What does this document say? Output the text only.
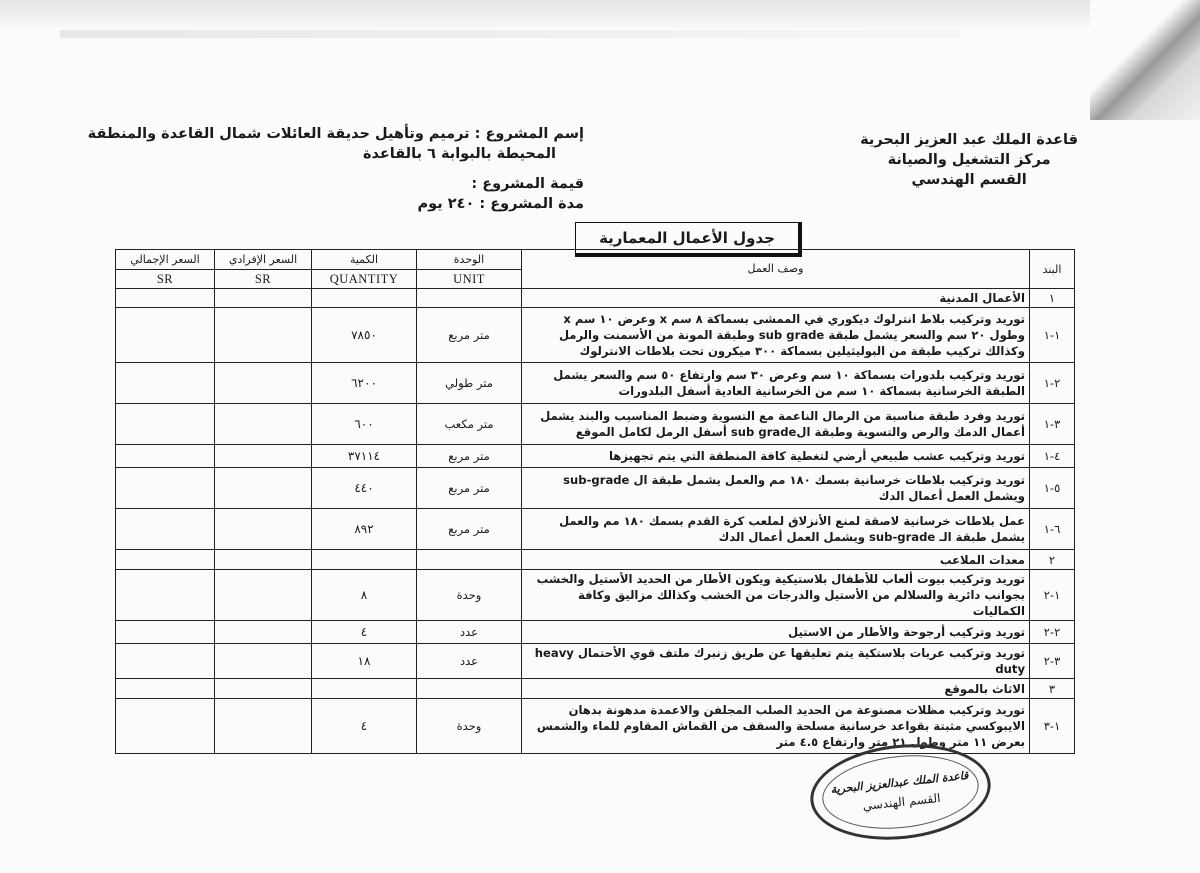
قاعدة الملك عبد العزيز البحرية
مركز التشغيل والصيانة
القسم الهندسي
إسم المشروع : ترميم وتأهيل حديقة العائلات شمال القاعدة والمنطقة
المحيطة بالبوابة ٦ بالقاعدة
قيمة المشروع :
مدة المشروع : ٢٤٠ يوم
جدول الأعمال المعمارية
البند	وصف العمل	الوحدة	الكمية	السعر الإفرادي	السعر الإجمالي
		UNIT	QUANTITY	SR	SR
١	الأعمال المدنية				
١-١	توريد وتركيب بلاط انترلوك ديكوري في الممشى بسماكة ٨ سم x وعرض ١٠ سم x وطول ٢٠ سم والسعر يشمل طبقة sub grade وطبقة المونة من الأسمنت والرمل وكذالك تركيب طبقة من البوليثيلين بسماكة ٣٠٠ ميكرون تحت بلاطات الانترلوك	متر مربع	٧٨٥٠		
٢-١	توريد وتركيب بلدورات بسماكة ١٠ سم وعرض ٣٠ سم وارتفاع ٥٠ سم والسعر يشمل الطبقة الخرسانية بسماكة ١٠ سم من الخرسانية العادية أسفل البلدورات	متر طولي	٦٢٠٠		
٣-١	توريد وفرد طبقة مناسبة من الرمال الناعمة مع التسوية وضبط المناسيب والبند يشمل أعمال الدمك والرص والتسوية وطبقة الsub grade أسفل الرمل لكامل الموقع	متر مكعب	٦٠٠		
٤-١	توريد وتركيب عشب طبيعي أرضي لتغطية كافة المنطقة التي يتم تجهيزها	متر مربع	٣٧١١٤		
٥-١	توريد وتركيب بلاطات خرسانية بسمك ١٨٠ مم والعمل يشمل طبقة ال sub-grade ويشمل العمل أعمال الدك	متر مربع	٤٤٠		
٦-١	عمل بلاطات خرسانية لاصقة لمنع الأنزلاق لملعب كرة القدم بسمك ١٨٠ مم والعمل يشمل طبقة الـ sub-grade ويشمل العمل أعمال الدك	متر مربع	٨٩٢		
٢	معدات الملاعب				
١-٢	توريد وتركيب بيوت ألعاب للأطفال بلاستيكية ويكون الأطار من الحديد الأستيل والخشب بجوانب دائرية والسلالم من الأستيل والدرجات من الخشب وكذالك مزاليق وكافة الكماليات	وحدة	٨		
٢-٢	توريد وتركيب أرجوحة والأطار من الاستيل	عدد	٤		
٣-٢	توريد وتركيب عربات بلاستكية يتم تعليقها عن طريق زنبرك ملتف قوي الأحتمال heavy duty	عدد	١٨		
٣	الاثاث بالموقع				
١-٣	توريد وتركيب مظلات مصنوعة من الحديد الصلب المجلفن والاعمدة مدهونة بدهان الايبوكسي مثبتة بقواعد خرسانية مسلحة والسقف من القماش المقاوم للماء والشمس بعرض ١١ متر وطول ٢١ متر وارتفاع ٤.٥ متر	وحدة	٤		
قاعدة الملك عبدالعزيز البحرية
القسم الهندسي
